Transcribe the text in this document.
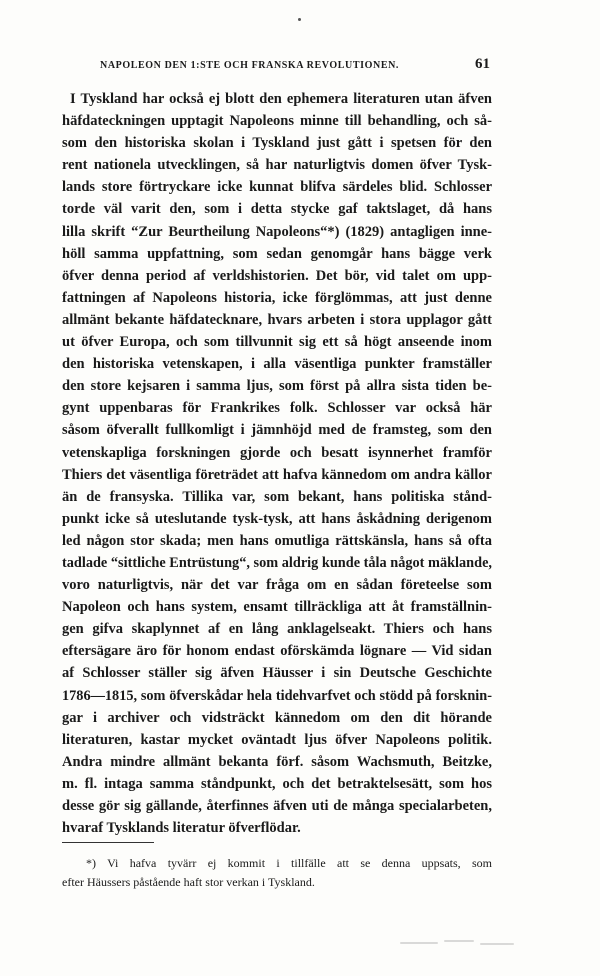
NAPOLEON DEN 1:STE OCH FRANSKA REVOLUTIONEN.	61
I Tyskland har också ej blott den ephemera literaturen utan äfven
häfdateckningen upptagit Napoleons minne till behandling, och så-
som den historiska skolan i Tyskland just gått i spetsen för den
rent nationela utvecklingen, så har naturligtvis domen öfver Tysk-
lands store förtryckare icke kunnat blifva särdeles blid. Schlosser
torde väl varit den, som i detta stycke gaf taktslaget, då hans
lilla skrift “Zur Beurtheilung Napoleons“*) (1829) antagligen inne-
höll samma uppfattning, som sedan genomgår hans bägge verk
öfver denna period af verldshistorien. Det bör, vid talet om upp-
fattningen af Napoleons historia, icke förglömmas, att just denne
allmänt bekante häfdatecknare, hvars arbeten i stora upplagor gått
ut öfver Europa, och som tillvunnit sig ett så högt anseende inom
den historiska vetenskapen, i alla väsentliga punkter framställer
den store kejsaren i samma ljus, som först på allra sista tiden be-
gynt uppenbaras för Frankrikes folk. Schlosser var också här
såsom öfverallt fullkomligt i jämnhöjd med de framsteg, som den
vetenskapliga forskningen gjorde och besatt isynnerhet framför
Thiers det väsentliga företrädet att hafva kännedom om andra källor
än de fransyska. Tillika var, som bekant, hans politiska stånd-
punkt icke så uteslutande tysk-tysk, att hans åskådning derigenom
led någon stor skada; men hans omutliga rättskänsla, hans så ofta
tadlade “sittliche Entrüstung“, som aldrig kunde tåla något mäklande,
voro naturligtvis, när det var fråga om en sådan företeelse som
Napoleon och hans system, ensamt tillräckliga att åt framställnin-
gen gifva skaplynnet af en lång anklagelseakt. Thiers och hans
eftersägare äro för honom endast oförskämda lögnare — Vid sidan
af Schlosser ställer sig äfven Häusser i sin Deutsche Geschichte
1786—1815, som öfverskådar hela tidehvarfvet och stödd på forsknin-
gar i archiver och vidsträckt kännedom om den dit hörande
literaturen, kastar mycket oväntadt ljus öfver Napoleons politik.
Andra mindre allmänt bekanta förf. såsom Wachsmuth, Beitzke,
m. fl. intaga samma ståndpunkt, och det betraktelsesätt, som hos
desse gör sig gällande, återfinnes äfven uti de många specialarbeten,
hvaraf Tysklands literatur öfverflödar.
*) Vi hafva tyvärr ej kommit i tillfälle att se denna uppsats, som
efter Häussers påstående haft stor verkan i Tyskland.
